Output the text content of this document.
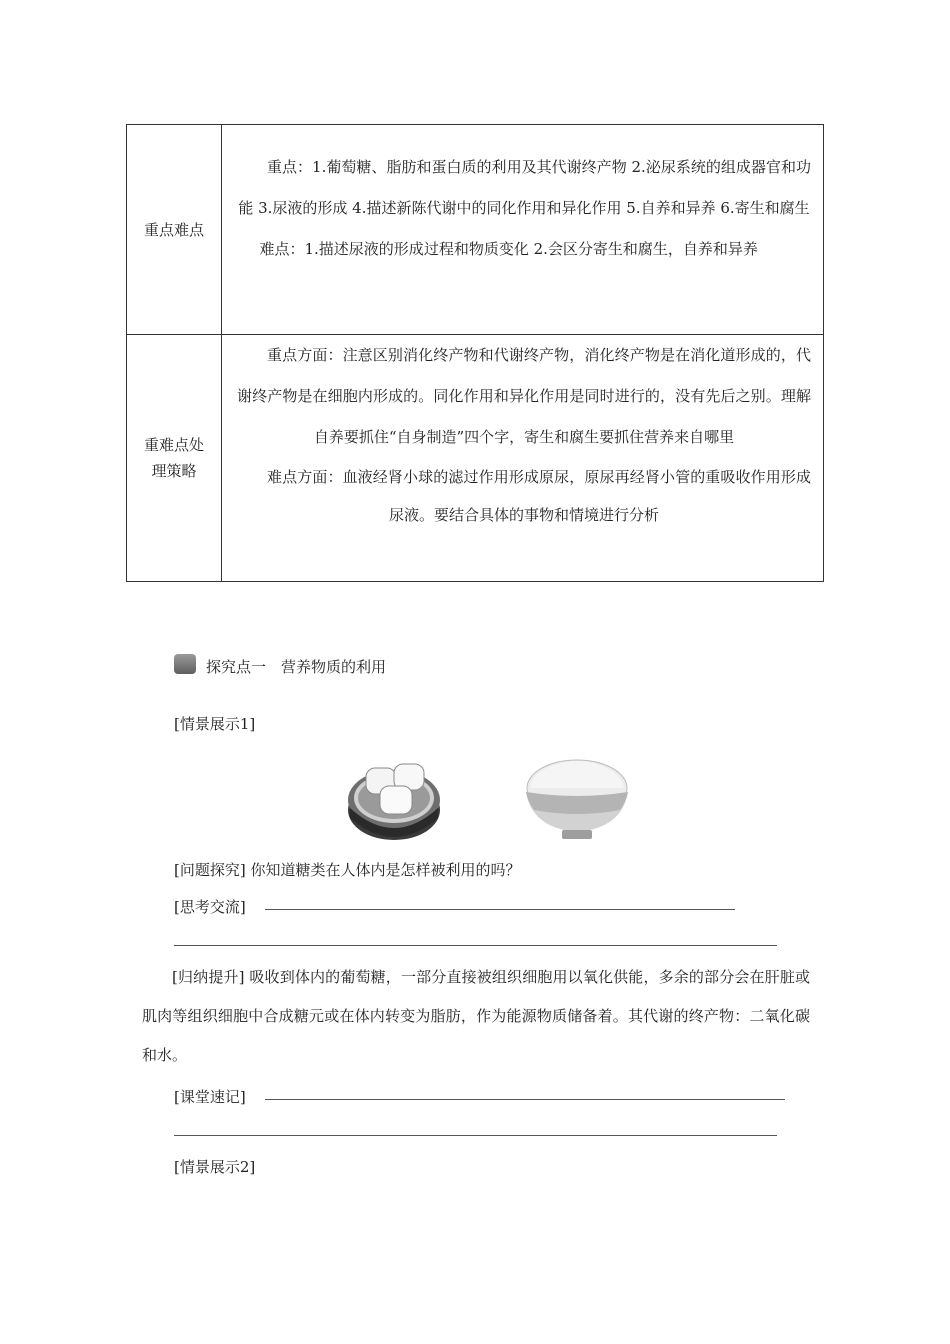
重点难点

重点：1.葡萄糖、脂肪和蛋白质的利用及其代谢终产物 2.泌尿系统的组成器官和功能 3.尿液的形成 4.描述新陈代谢中的同化作用和异化作用 5.自养和异养 6.寄生和腐生

难点：1.描述尿液的形成过程和物质变化 2.会区分寄生和腐生，自养和异养

重难点处理策略

重点方面：注意区别消化终产物和代谢终产物，消化终产物是在消化道形成的，代谢终产物是在细胞内形成的。同化作用和异化作用是同时进行的，没有先后之别。理解自养要抓住“自身制造”四个字，寄生和腐生要抓住营养来自哪里

难点方面：血液经肾小球的滤过作用形成原尿，原尿再经肾小管的重吸收作用形成尿液。要结合具体的事物和情境进行分析

探究点一　营养物质的利用
[情景展示1]
[问题探究] 你知道糖类在人体内是怎样被利用的吗？
[思考交流]

[归纳提升] 吸收到体内的葡萄糖，一部分直接被组织细胞用以氧化供能，多余的部分会在肝脏或肌肉等组织细胞中合成糖元或在体内转变为脂肪，作为能源物质储备着。其代谢的终产物：二氧化碳和水。

[课堂速记]
[情景展示2]
